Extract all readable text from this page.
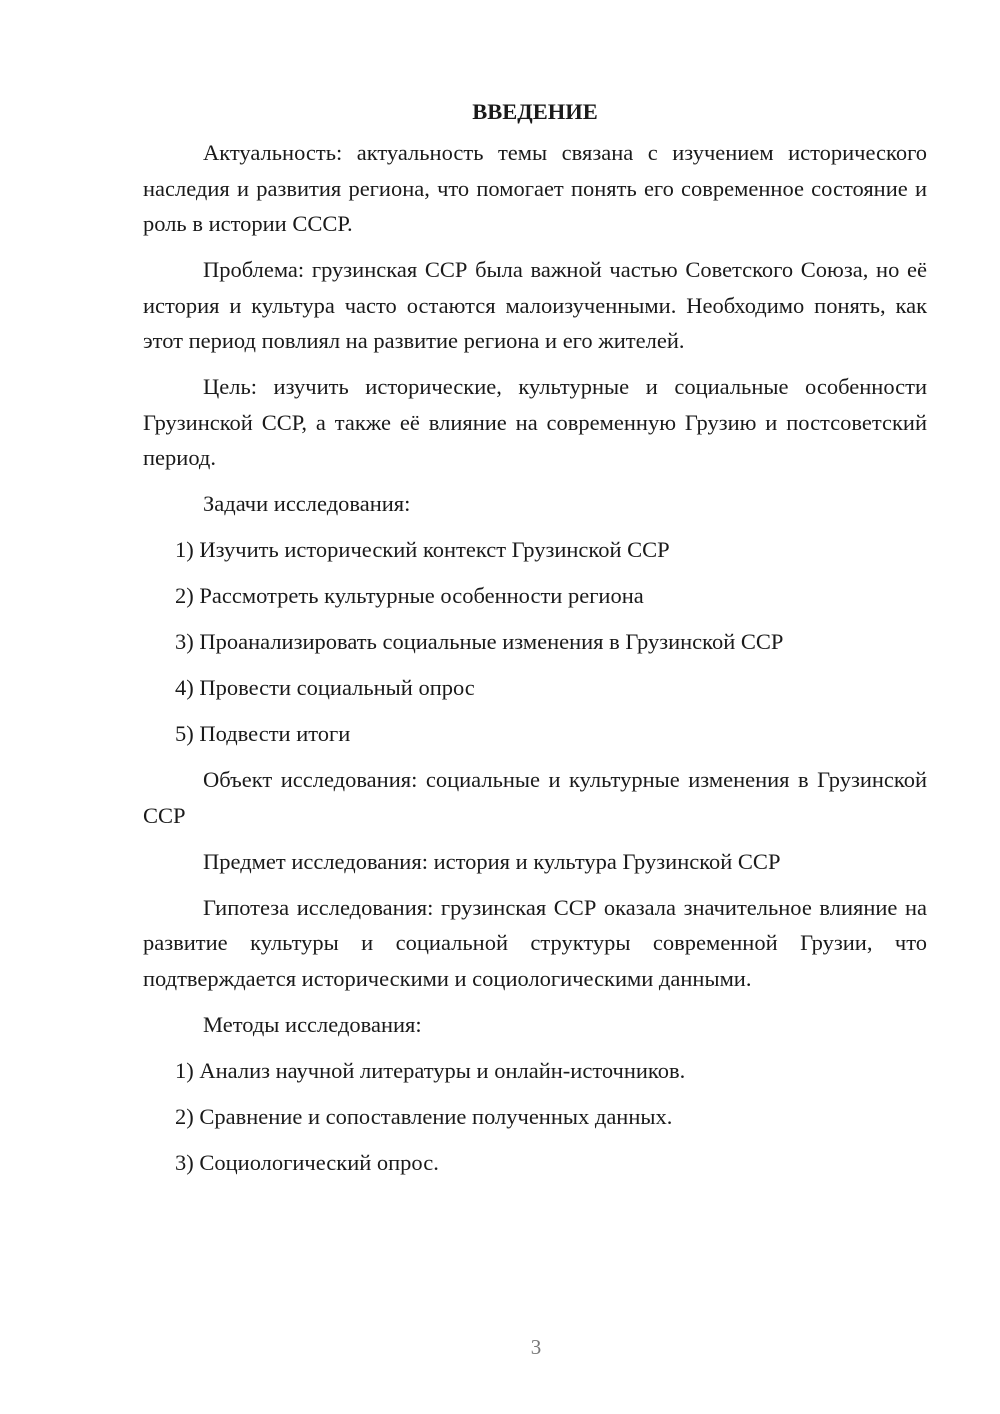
ВВЕДЕНИЕ

Актуальность: актуальность темы связана с изучением исторического наследия и развития региона, что помогает понять его современное состояние и роль в истории СССР.

Проблема: грузинская ССР была важной частью Советского Союза, но её история и культура часто остаются малоизученными. Необходимо понять, как этот период повлиял на развитие региона и его жителей.

Цель: изучить исторические, культурные и социальные особенности Грузинской ССР, а также её влияние на современную Грузию и постсоветский период.

Задачи исследования:

1) Изучить исторический контекст Грузинской ССР
2) Рассмотреть культурные особенности региона
3) Проанализировать социальные изменения в Грузинской ССР
4) Провести социальный опрос
5) Подвести итоги

Объект исследования: социальные и культурные изменения в Грузинской ССР

Предмет исследования: история и культура Грузинской ССР

Гипотеза исследования: грузинская ССР оказала значительное влияние на развитие культуры и социальной структуры современной Грузии, что подтверждается историческими и социологическими данными.

Методы исследования:

1) Анализ научной литературы и онлайн-источников.
2) Сравнение и сопоставление полученных данных.
3) Социологический опрос.
3
